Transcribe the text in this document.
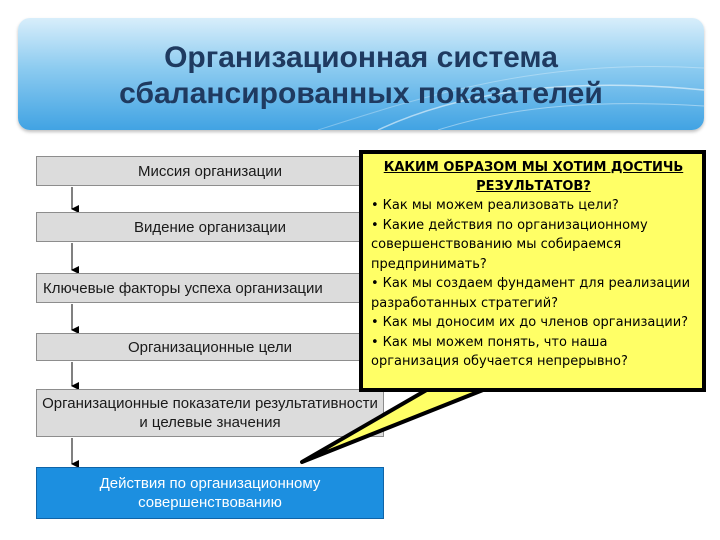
Организационная система
сбалансированных показателей
Миссия организации
Видение организации
Ключевые факторы успеха организации
Организационные цели
Организационные показатели результативности и целевые значения
Действия по организационному совершенствованию
КАКИМ ОБРАЗОМ МЫ ХОТИМ ДОСТИЧЬ РЕЗУЛЬТАТОВ?
• Как мы можем реализовать цели?
• Какие действия по организационному совершенствованию мы собираемся предпринимать?
• Как мы создаем фундамент для реализации разработанных стратегий?
• Как мы доносим их до членов организации?
• Как мы можем понять, что наша организация обучается непрерывно?
